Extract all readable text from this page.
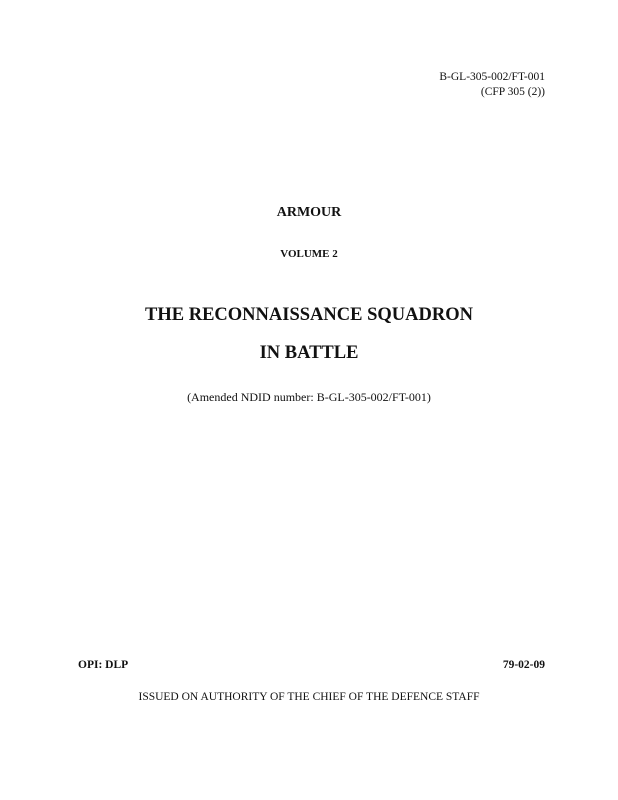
B-GL-305-002/FT-001
(CFP 305 (2))
ARMOUR
VOLUME 2
THE RECONNAISSANCE SQUADRON
IN BATTLE
(Amended NDID number: B-GL-305-002/FT-001)
OPI: DLP	79-02-09
ISSUED ON AUTHORITY OF THE CHIEF OF THE DEFENCE STAFF
